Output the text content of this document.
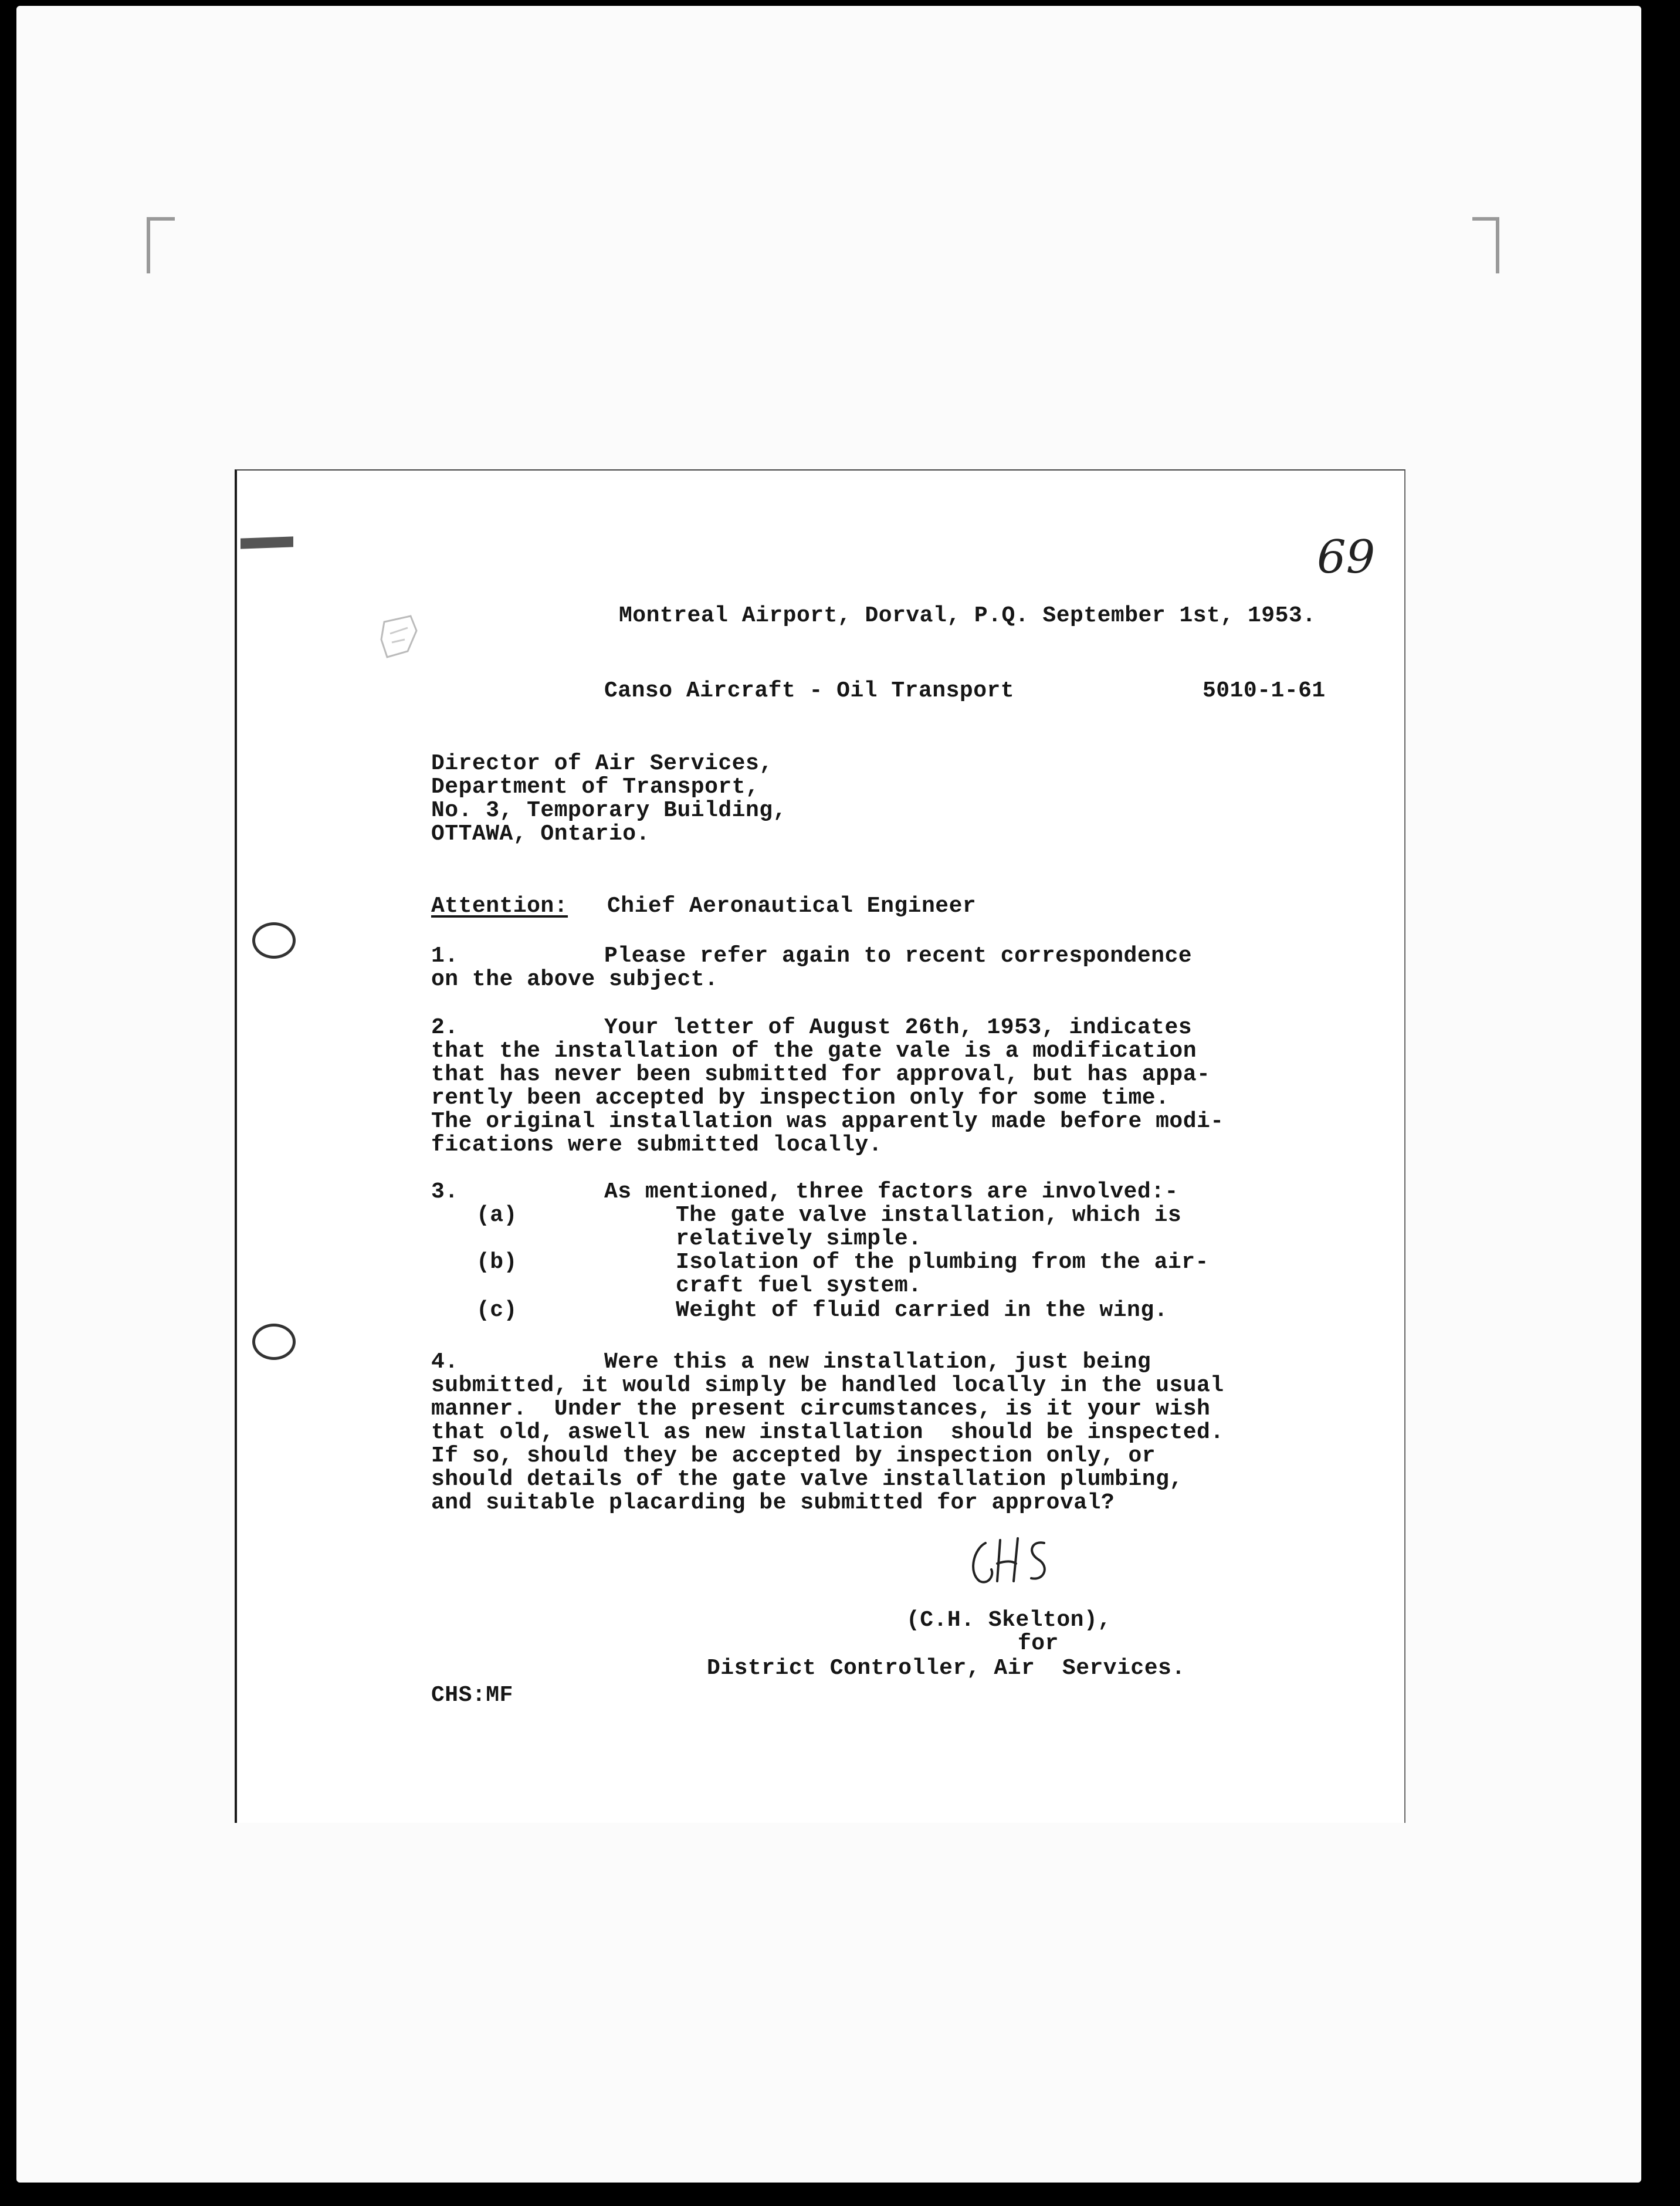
69

Montreal Airport, Dorval, P.Q. September 1st, 1953.

Canso Aircraft - Oil Transport	5010-1-61

Director of Air Services,

Department of Transport,

No. 3, Temporary Building,

OTTAWA, Ontario.

Attention: Chief Aeronautical Engineer

1.	Please refer again to recent correspondence

on the above subject.

2.	Your letter of August 26th, 1953, indicates

that the installation of the gate vale is a modification

that has never been submitted for approval, but has appa-

rently been accepted by inspection only for some time.

The original installation was apparently made before modi-

fications were submitted locally.

3.	As mentioned, three factors are involved:-

(a)	The gate valve installation, which is

relatively simple.

(b)	Isolation of the plumbing from the air-

craft fuel system.

(c)	Weight of fluid carried in the wing.

4.	Were this a new installation, just being

submitted, it would simply be handled locally in the usual

manner.  Under the present circumstances, is it your wish

that old, aswell as new installation  should be inspected.

If so, should they be accepted by inspection only, or

should details of the gate valve installation plumbing,

and suitable placarding be submitted for approval?

(C.H. Skelton),

for

District Controller, Air  Services.

CHS:MF
